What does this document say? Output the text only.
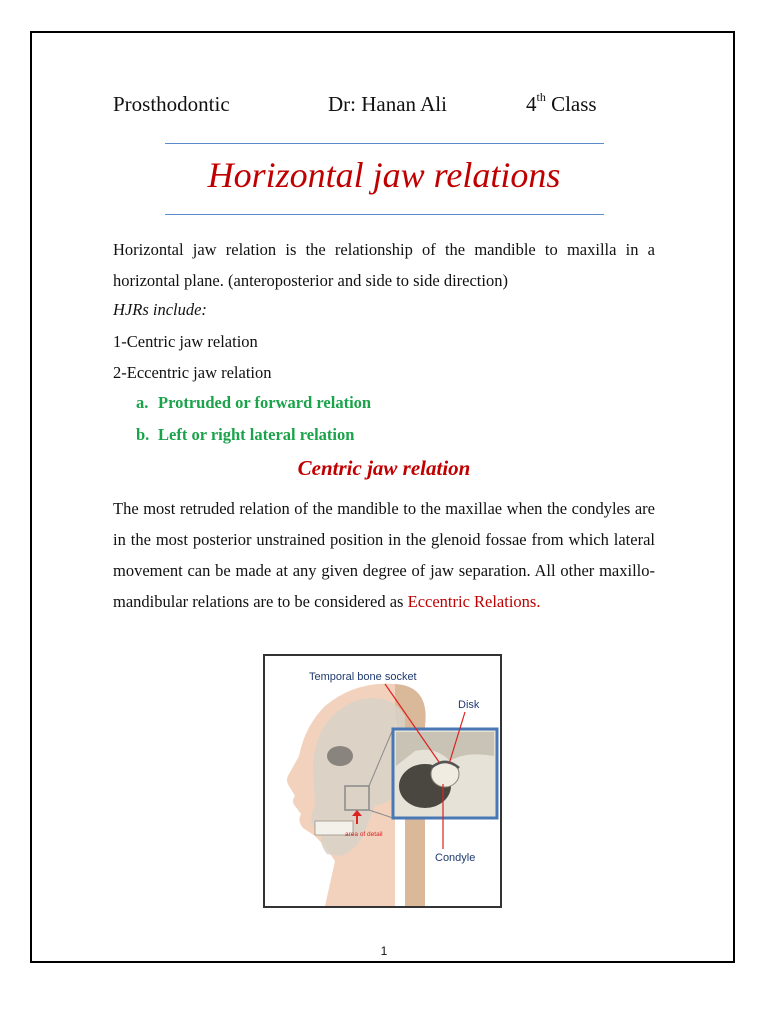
Prosthodontic	Dr: Hanan Ali	4th Class
Horizontal jaw relations
Horizontal jaw relation is the relationship of the mandible to maxilla in a horizontal plane. (anteroposterior and side to side direction)
HJRs include:
1-Centric jaw relation
2-Eccentric jaw relation
a. Protruded or forward relation
b. Left or right lateral relation
Centric jaw relation
The most retruded relation of the mandible to the maxillae when the condyles are in the most posterior unstrained position in the glenoid fossae from which lateral movement can be made at any given degree of jaw separation. All other maxillo-mandibular relations are to be considered as Eccentric Relations.
area of detail
Temporal bone socket
Disk
Condyle
1
